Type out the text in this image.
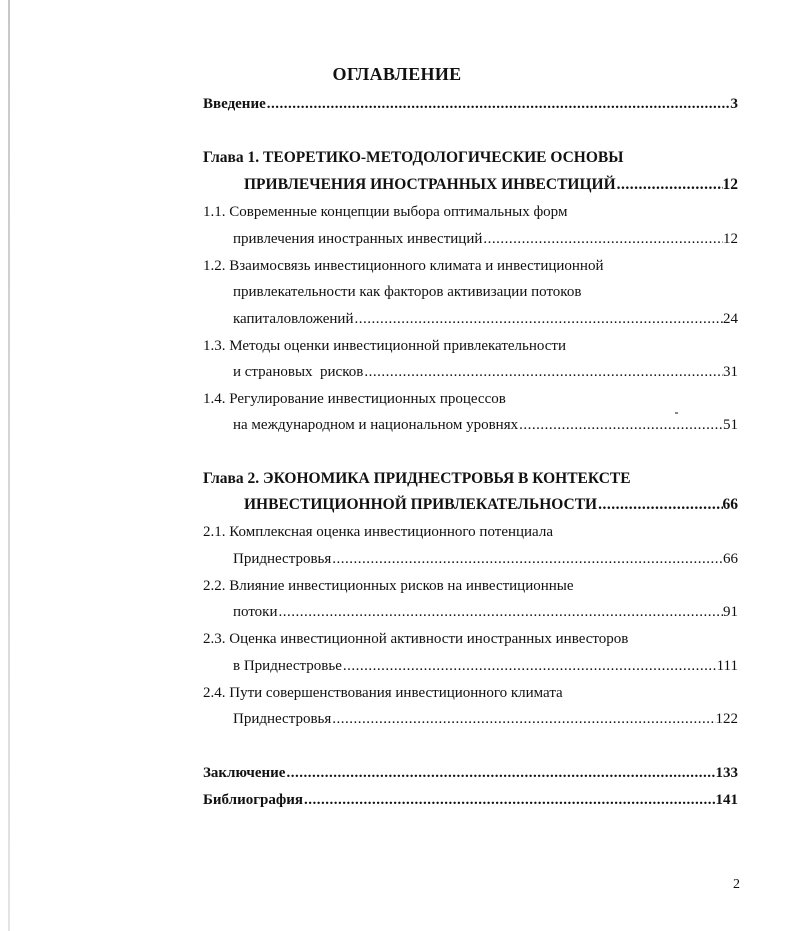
ОГЛАВЛЕНИЕ
Введение .....	3
Глава 1. ТЕОРЕТИКО-МЕТОДОЛОГИЧЕСКИЕ ОСНОВЫ
ПРИВЛЕЧЕНИЯ ИНОСТРАННЫХ ИНВЕСТИЦИЙ .....	12
1.1. Современные концепции выбора оптимальных форм
привлечения иностранных инвестиций .....	12
1.2. Взаимосвязь инвестиционного климата и инвестиционной
привлекательности как факторов активизации потоков
капиталовложений .....	24
1.3. Методы оценки инвестиционной привлекательности
и страновых  рисков .....	31
1.4. Регулирование инвестиционных процессов
на международном и национальном уровнях .....	51
Глава 2. ЭКОНОМИКА ПРИДНЕСТРОВЬЯ В КОНТЕКСТЕ
ИНВЕСТИЦИОННОЙ ПРИВЛЕКАТЕЛЬНОСТИ .....	66
2.1. Комплексная оценка инвестиционного потенциала
Приднестровья .....	66
2.2. Влияние инвестиционных рисков на инвестиционные
потоки .....	91
2.3. Оценка инвестиционной активности иностранных инвесторов
в Приднестровье .....	111
2.4. Пути совершенствования инвестиционного климата
Приднестровья .....	122
Заключение .....	133
Библиография .....	141
2
